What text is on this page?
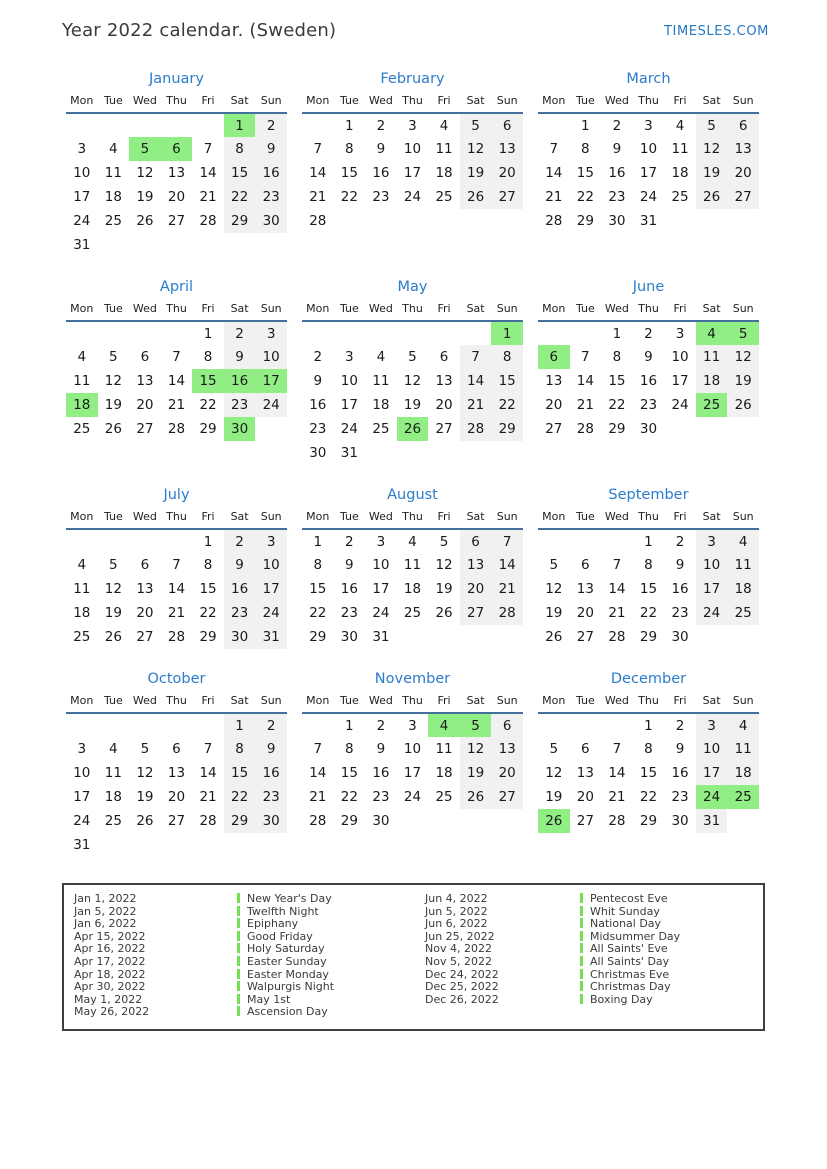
Year 2022 calendar. (Sweden)	TIMESLES.COM
January
Mon	Tue	Wed	Thu	Fri	Sat	Sun
					1	2
3	4	5	6	7	8	9
10	11	12	13	14	15	16
17	18	19	20	21	22	23
24	25	26	27	28	29	30
31						
February
Mon	Tue	Wed	Thu	Fri	Sat	Sun
	1	2	3	4	5	6
7	8	9	10	11	12	13
14	15	16	17	18	19	20
21	22	23	24	25	26	27
28						
March
Mon	Tue	Wed	Thu	Fri	Sat	Sun
	1	2	3	4	5	6
7	8	9	10	11	12	13
14	15	16	17	18	19	20
21	22	23	24	25	26	27
28	29	30	31			
April
Mon	Tue	Wed	Thu	Fri	Sat	Sun
				1	2	3
4	5	6	7	8	9	10
11	12	13	14	15	16	17
18	19	20	21	22	23	24
25	26	27	28	29	30	
May
Mon	Tue	Wed	Thu	Fri	Sat	Sun
						1
2	3	4	5	6	7	8
9	10	11	12	13	14	15
16	17	18	19	20	21	22
23	24	25	26	27	28	29
30	31					
June
Mon	Tue	Wed	Thu	Fri	Sat	Sun
		1	2	3	4	5
6	7	8	9	10	11	12
13	14	15	16	17	18	19
20	21	22	23	24	25	26
27	28	29	30			
July
Mon	Tue	Wed	Thu	Fri	Sat	Sun
				1	2	3
4	5	6	7	8	9	10
11	12	13	14	15	16	17
18	19	20	21	22	23	24
25	26	27	28	29	30	31
August
Mon	Tue	Wed	Thu	Fri	Sat	Sun
1	2	3	4	5	6	7
8	9	10	11	12	13	14
15	16	17	18	19	20	21
22	23	24	25	26	27	28
29	30	31				
September
Mon	Tue	Wed	Thu	Fri	Sat	Sun
			1	2	3	4
5	6	7	8	9	10	11
12	13	14	15	16	17	18
19	20	21	22	23	24	25
26	27	28	29	30		
October
Mon	Tue	Wed	Thu	Fri	Sat	Sun
					1	2
3	4	5	6	7	8	9
10	11	12	13	14	15	16
17	18	19	20	21	22	23
24	25	26	27	28	29	30
31						
November
Mon	Tue	Wed	Thu	Fri	Sat	Sun
	1	2	3	4	5	6
7	8	9	10	11	12	13
14	15	16	17	18	19	20
21	22	23	24	25	26	27
28	29	30				
December
Mon	Tue	Wed	Thu	Fri	Sat	Sun
			1	2	3	4
5	6	7	8	9	10	11
12	13	14	15	16	17	18
19	20	21	22	23	24	25
26	27	28	29	30	31	
Jan 1, 2022	New Year's Day
Jan 5, 2022	Twelfth Night
Jan 6, 2022	Epiphany
Apr 15, 2022	Good Friday
Apr 16, 2022	Holy Saturday
Apr 17, 2022	Easter Sunday
Apr 18, 2022	Easter Monday
Apr 30, 2022	Walpurgis Night
May 1, 2022	May 1st
May 26, 2022	Ascension Day
Jun 4, 2022	Pentecost Eve
Jun 5, 2022	Whit Sunday
Jun 6, 2022	National Day
Jun 25, 2022	Midsummer Day
Nov 4, 2022	All Saints' Eve
Nov 5, 2022	All Saints' Day
Dec 24, 2022	Christmas Eve
Dec 25, 2022	Christmas Day
Dec 26, 2022	Boxing Day
